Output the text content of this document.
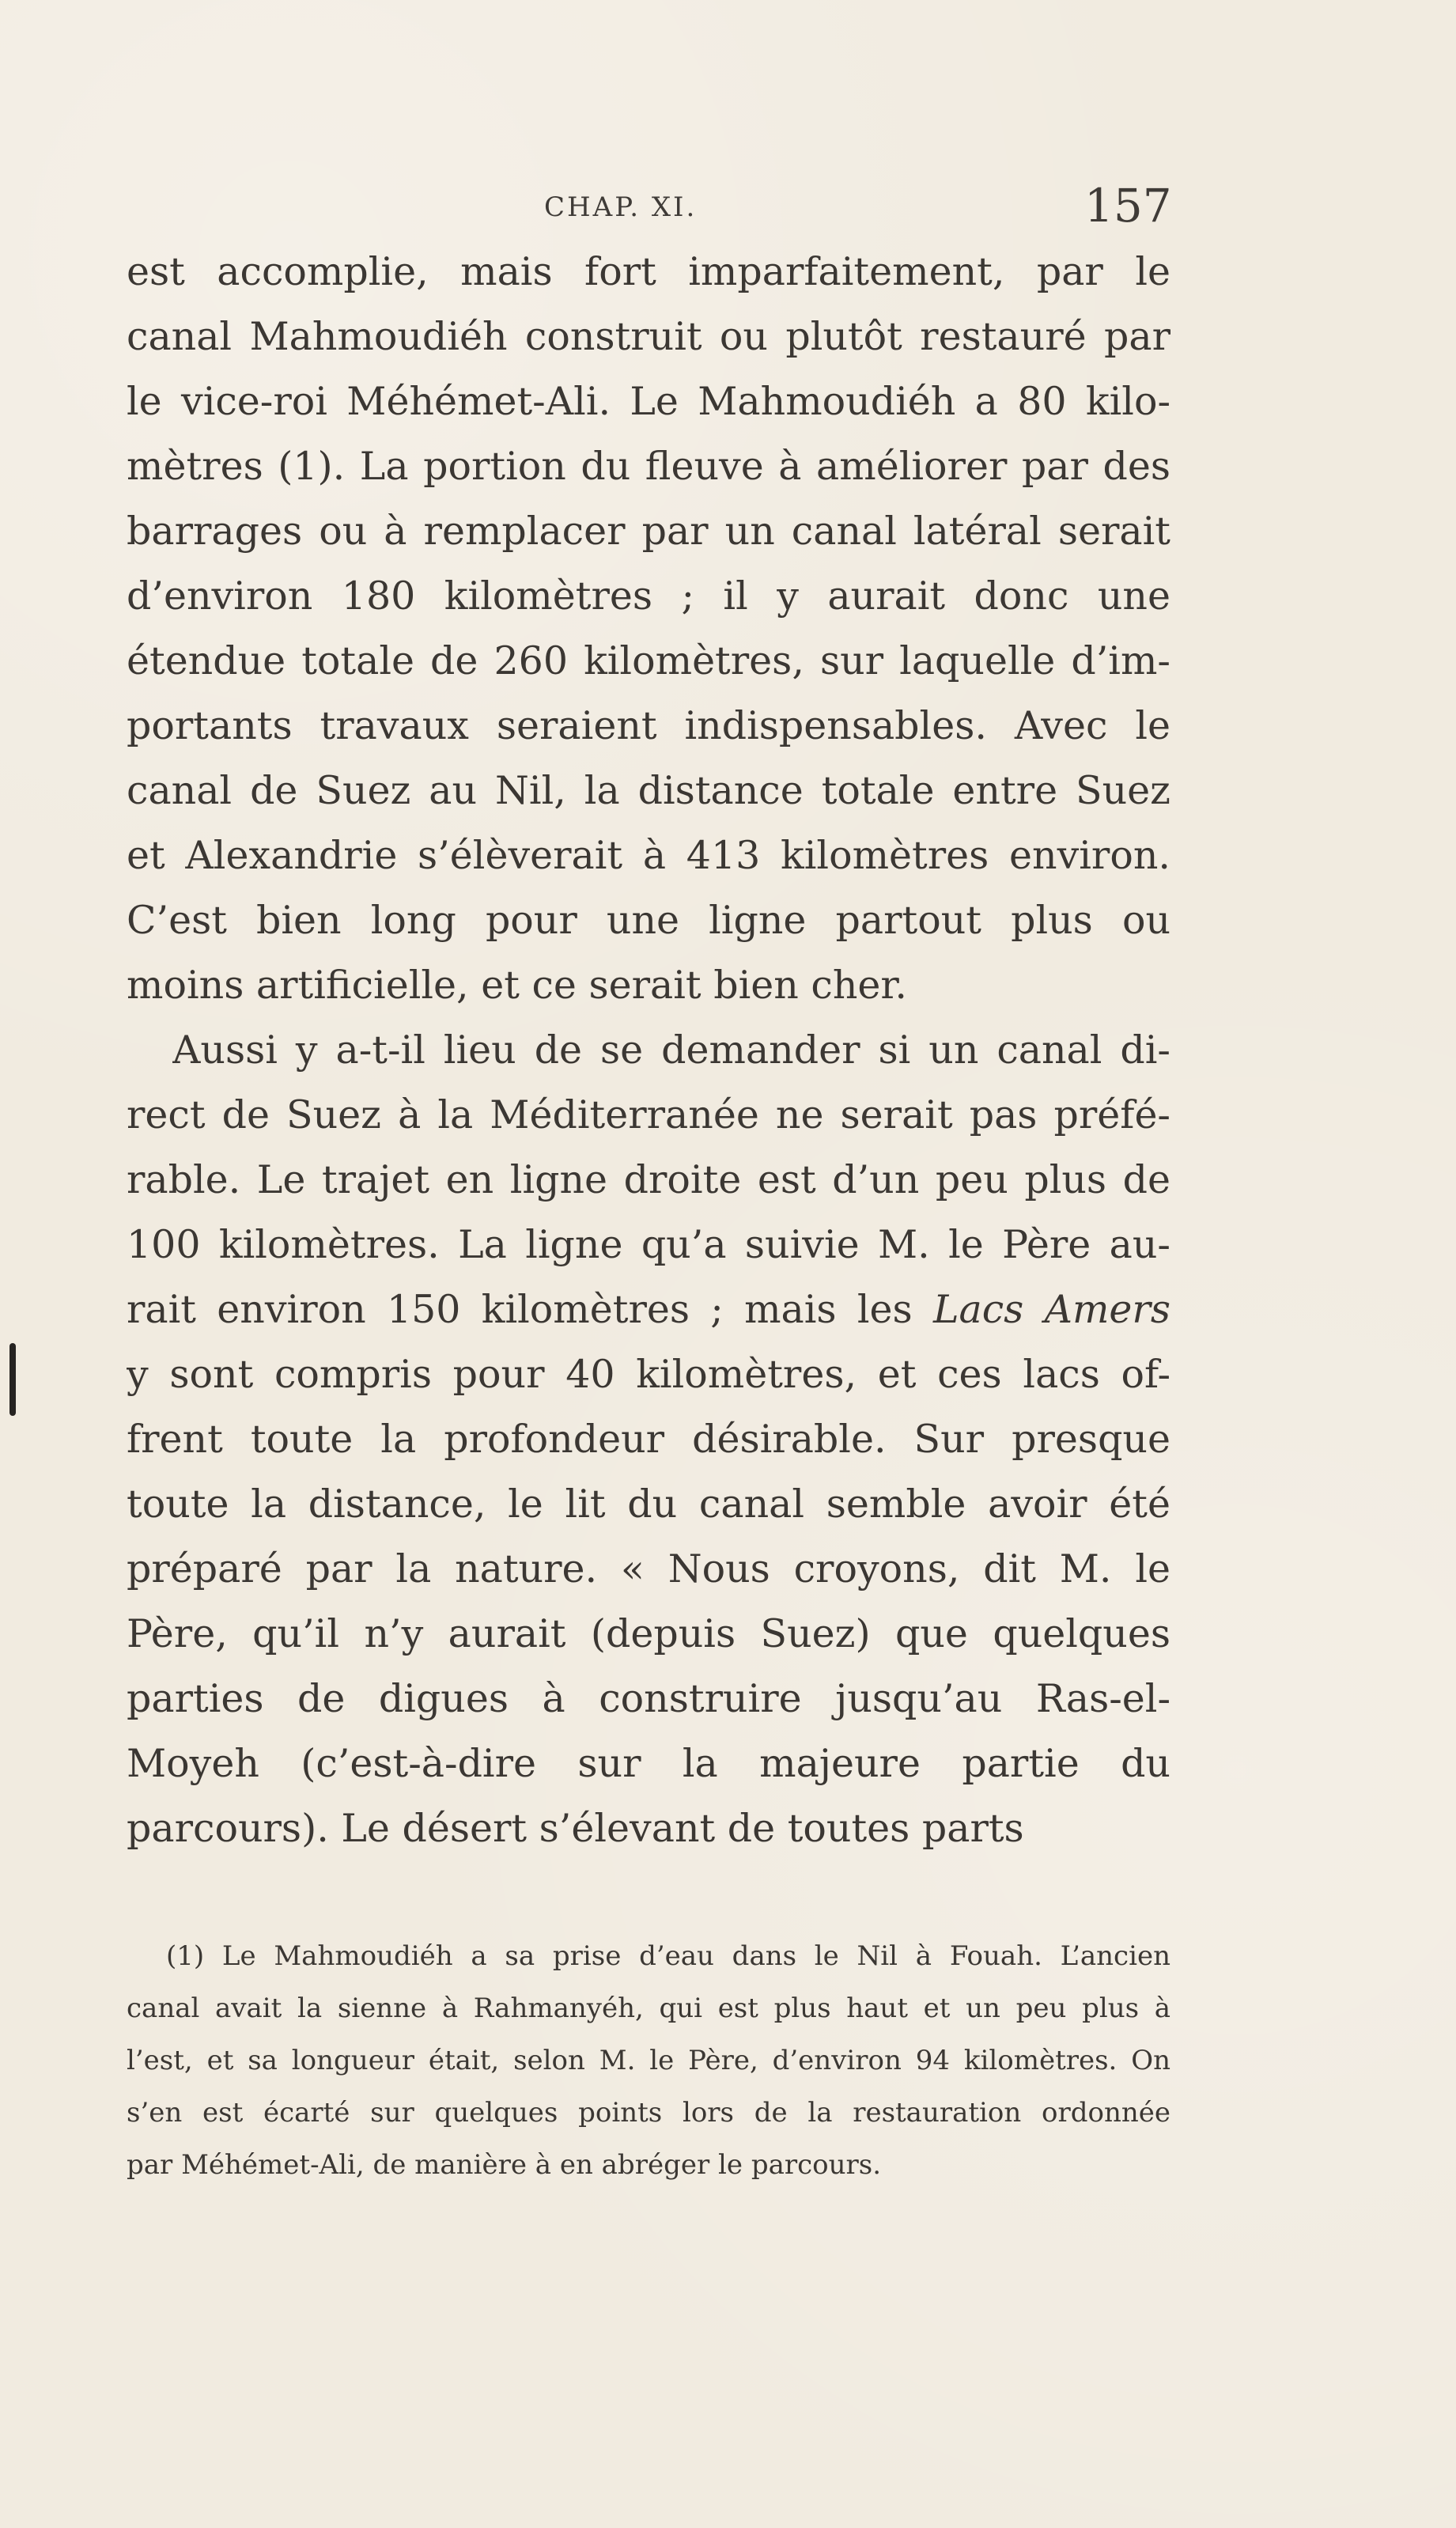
CHAP. XI.	157
est accomplie, mais fort imparfaitement, par le
canal Mahmoudiéh construit ou plutôt restauré par
le vice-roi Méhémet-Ali. Le Mahmoudiéh a 80 kilo-
mètres (1). La portion du fleuve à améliorer par des
barrages ou à remplacer par un canal latéral serait
d’environ 180 kilomètres ; il y aurait donc une
étendue totale de 260 kilomètres, sur laquelle d’im-
portants travaux seraient indispensables. Avec le
canal de Suez au Nil, la distance totale entre Suez
et Alexandrie s’élèverait à 413 kilomètres environ.
C’est bien long pour une ligne partout plus ou
moins artificielle, et ce serait bien cher.
Aussi y a-t-il lieu de se demander si un canal di-
rect de Suez à la Méditerranée ne serait pas préfé-
rable. Le trajet en ligne droite est d’un peu plus de
100 kilomètres. La ligne qu’a suivie M. le Père au-
rait environ 150 kilomètres ; mais les Lacs Amers
y sont compris pour 40 kilomètres, et ces lacs of-
frent toute la profondeur désirable. Sur presque
toute la distance, le lit du canal semble avoir été
préparé par la nature. « Nous croyons, dit M. le
Père, qu’il n’y aurait (depuis Suez) que quelques
parties de digues à construire jusqu’au Ras-el-
Moyeh (c’est-à-dire sur la majeure partie du
parcours). Le désert s’élevant de toutes parts
(1) Le Mahmoudiéh a sa prise d’eau dans le Nil à Fouah. L’ancien
canal avait la sienne à Rahmanyéh, qui est plus haut et un peu plus à
l’est, et sa longueur était, selon M. le Père, d’environ 94 kilomètres. On
s’en est écarté sur quelques points lors de la restauration ordonnée
par Méhémet-Ali, de manière à en abréger le parcours.
